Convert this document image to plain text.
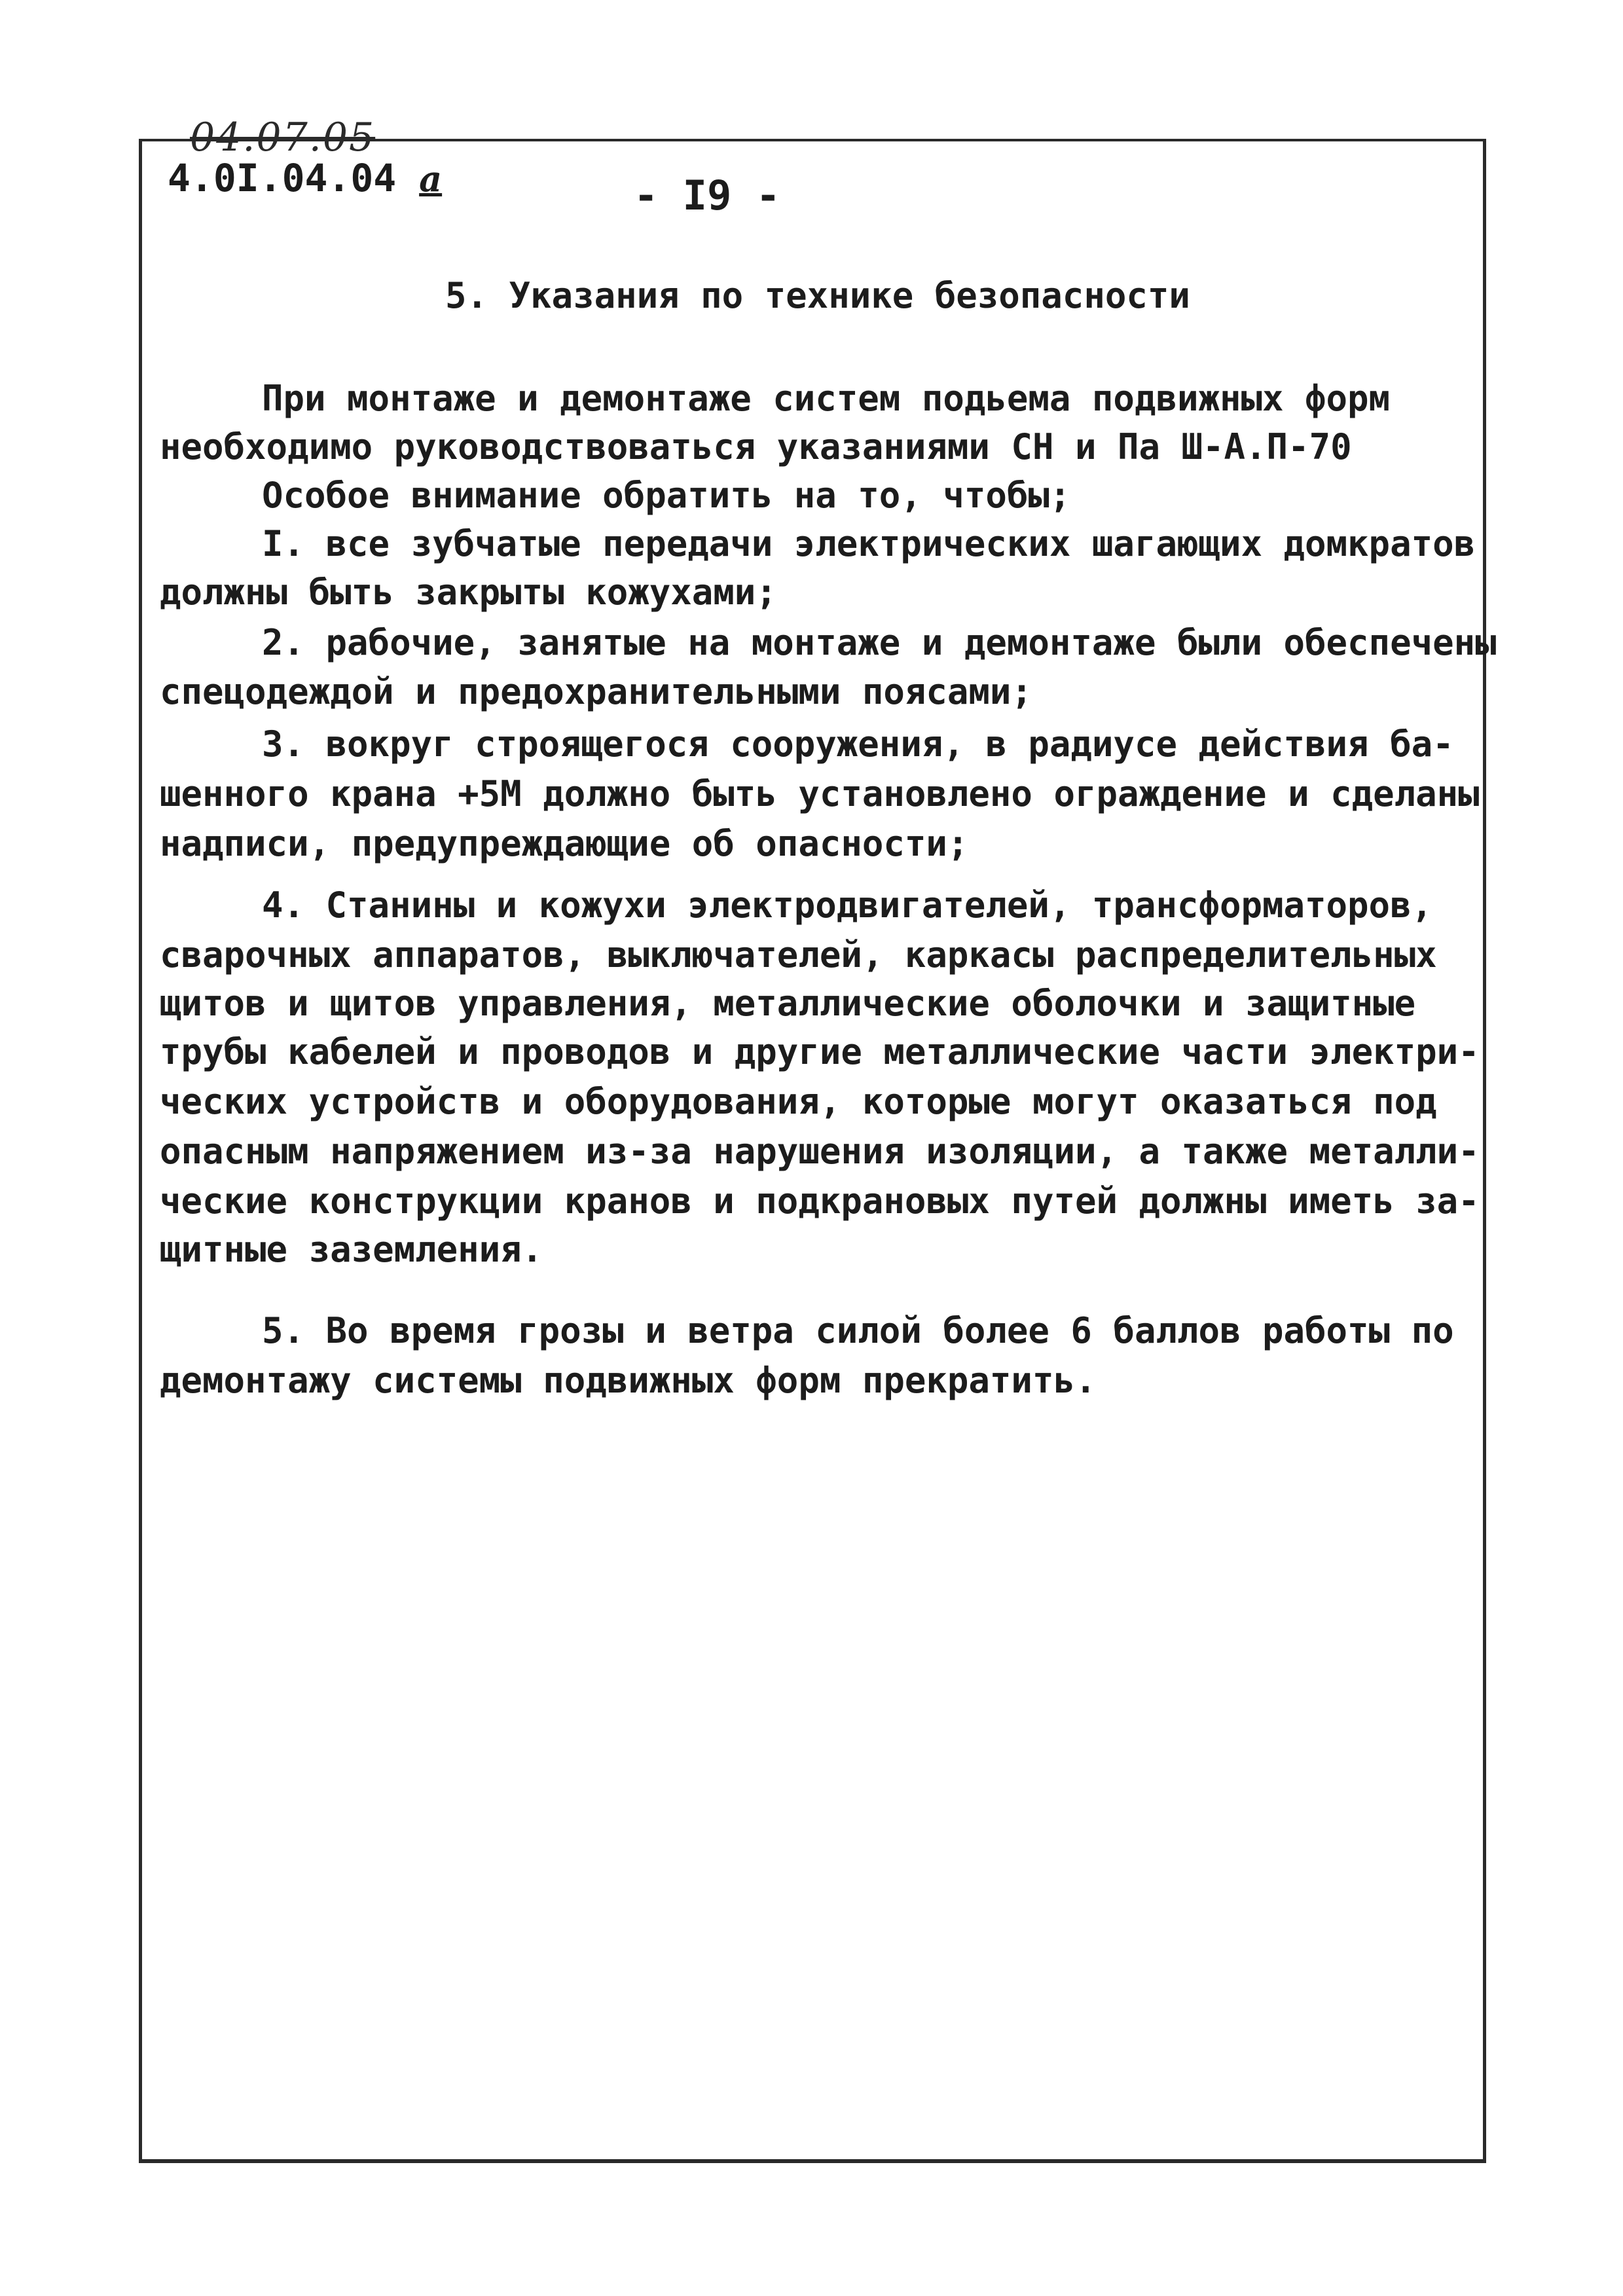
04.07.05
4.0I.04.04 а	- I9 -
5. Указания по технике безопасности
При монтаже и демонтаже систем подьема подвижных форм
необходимо руководствоваться указаниями СН и Па Ш-А.П-70
Особое внимание обратить на то, чтобы;
I. все зубчатые передачи электрических шагающих домкратов
должны быть закрыты кожухами;
2. рабочие, занятые на монтаже и демонтаже были обеспечены
спецодеждой и предохранительными поясами;
3. вокруг строящегося сооружения, в радиусе действия ба-
шенного крана +5М должно быть установлено ограждение и сделаны
надписи, предупреждающие об опасности;
4. Станины и кожухи электродвигателей, трансформаторов,
сварочных аппаратов, выключателей, каркасы распределительных
щитов и щитов управления, металлические оболочки и защитные
трубы кабелей и проводов и другие металлические части электри-
ческих устройств и оборудования, которые могут оказаться под
опасным напряжением из-за нарушения изоляции, а также металли-
ческие конструкции кранов и подкрановых путей должны иметь за-
щитные заземления.
5. Во время грозы и ветра силой более 6 баллов работы по
демонтажу системы подвижных форм прекратить.
